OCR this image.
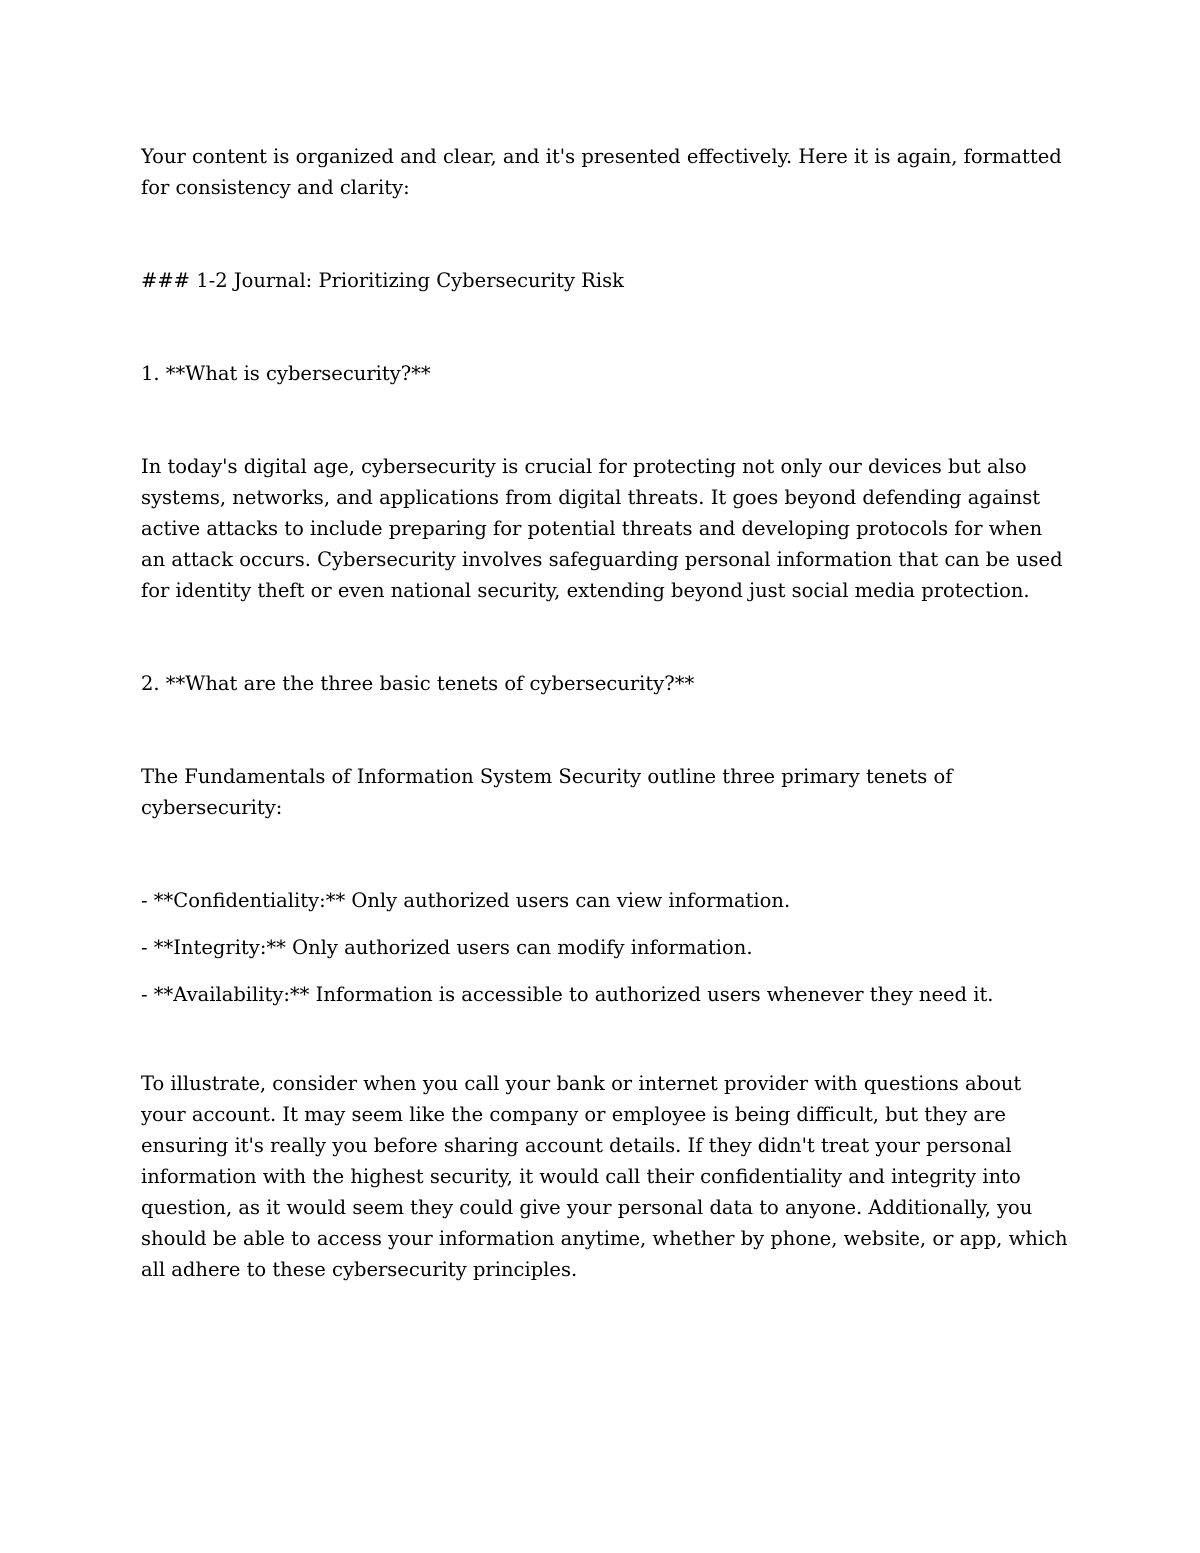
Your content is organized and clear, and it's presented effectively. Here it is again, formatted for consistency and clarity:

### 1-2 Journal: Prioritizing Cybersecurity Risk

1. **What is cybersecurity?**

In today's digital age, cybersecurity is crucial for protecting not only our devices but also systems, networks, and applications from digital threats. It goes beyond defending against active attacks to include preparing for potential threats and developing protocols for when an attack occurs. Cybersecurity involves safeguarding personal information that can be used for identity theft or even national security, extending beyond just social media protection.

2. **What are the three basic tenets of cybersecurity?**

The Fundamentals of Information System Security outline three primary tenets of cybersecurity:

- **Confidentiality:** Only authorized users can view information.

- **Integrity:** Only authorized users can modify information.

- **Availability:** Information is accessible to authorized users whenever they need it.

To illustrate, consider when you call your bank or internet provider with questions about your account. It may seem like the company or employee is being difficult, but they are ensuring it's really you before sharing account details. If they didn't treat your personal information with the highest security, it would call their confidentiality and integrity into question, as it would seem they could give your personal data to anyone. Additionally, you should be able to access your information anytime, whether by phone, website, or app, which all adhere to these cybersecurity principles.
